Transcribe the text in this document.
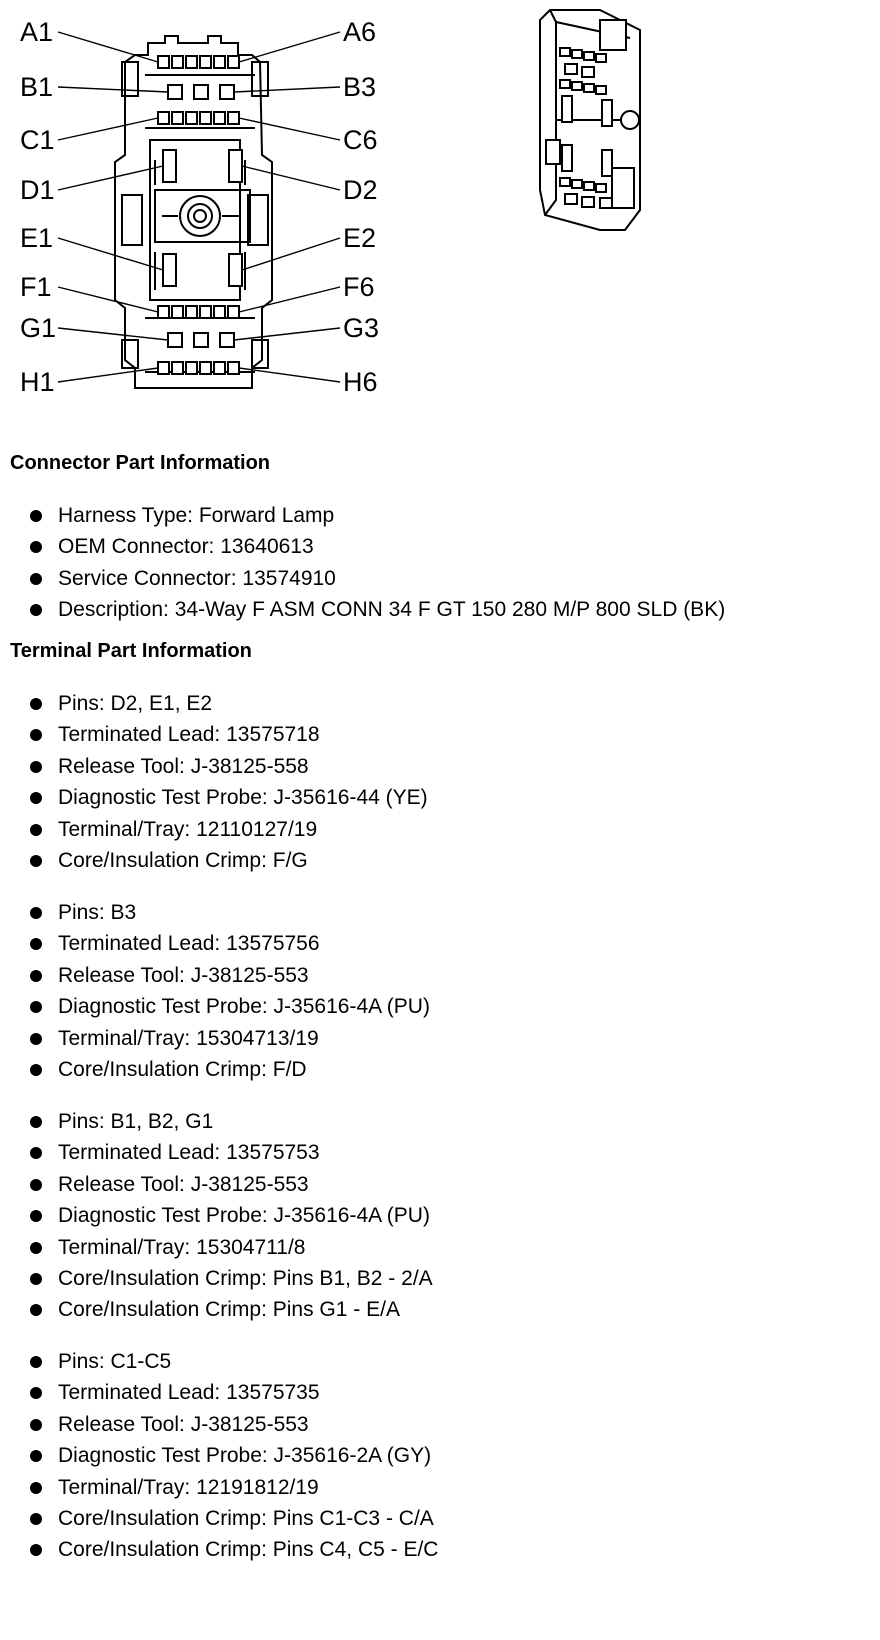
A1
B1
C1
D1
E1
F1
G1
H1
A6
B3
C6
D2
E2
F6
G3
H6
Connector Part Information
Harness Type: Forward Lamp
OEM Connector: 13640613
Service Connector: 13574910
Description: 34-Way F ASM CONN 34 F GT 150 280 M/P 800 SLD (BK)
Terminal Part Information
Pins: D2, E1, E2
Terminated Lead: 13575718
Release Tool: J-38125-558
Diagnostic Test Probe: J-35616-44 (YE)
Terminal/Tray: 12110127/19
Core/Insulation Crimp: F/G
Pins: B3
Terminated Lead: 13575756
Release Tool: J-38125-553
Diagnostic Test Probe: J-35616-4A (PU)
Terminal/Tray: 15304713/19
Core/Insulation Crimp: F/D
Pins: B1, B2, G1
Terminated Lead: 13575753
Release Tool: J-38125-553
Diagnostic Test Probe: J-35616-4A (PU)
Terminal/Tray: 15304711/8
Core/Insulation Crimp: Pins B1, B2 - 2/A
Core/Insulation Crimp: Pins G1 - E/A
Pins: C1-C5
Terminated Lead: 13575735
Release Tool: J-38125-553
Diagnostic Test Probe: J-35616-2A (GY)
Terminal/Tray: 12191812/19
Core/Insulation Crimp: Pins C1-C3 - C/A
Core/Insulation Crimp: Pins C4, C5 - E/C
